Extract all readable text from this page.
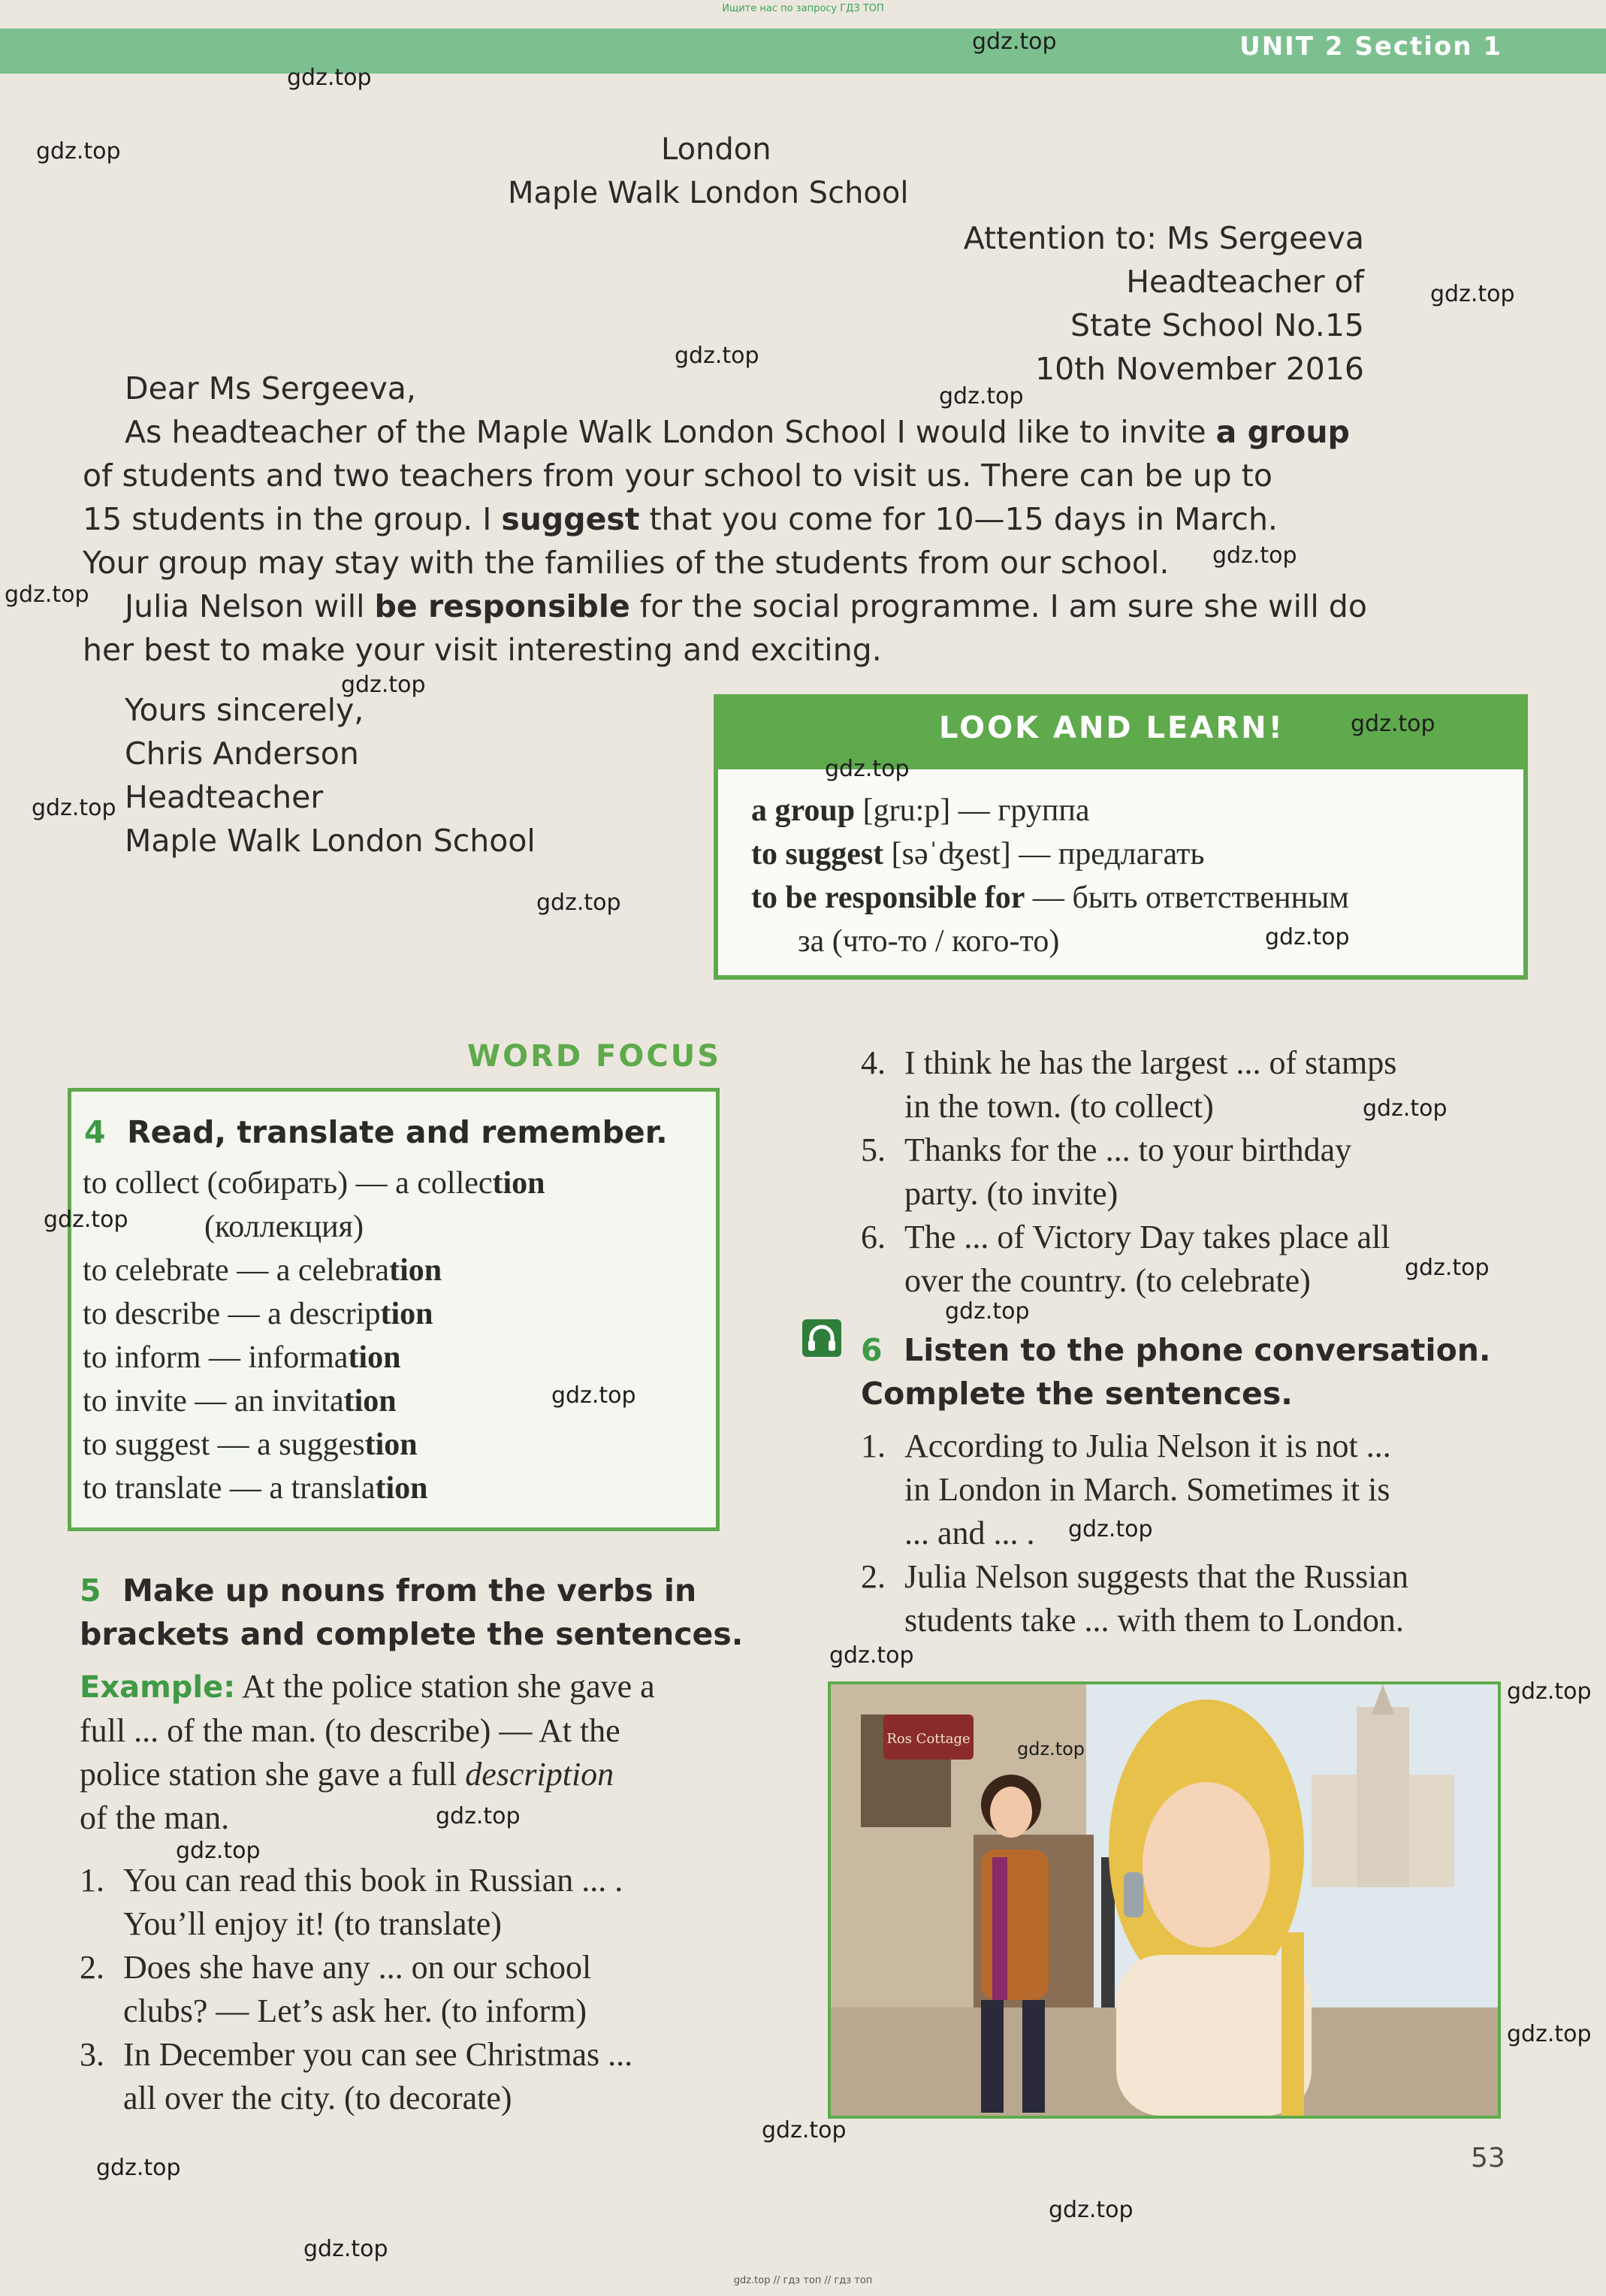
Ищите нас по запросу ГДЗ ТОП
UNIT 2 Section 1
London
Maple Walk London School
Attention to: Ms Sergeeva
Headteacher of
State School No.15
10th November 2016
Dear Ms Sergeeva,
As headteacher of the Maple Walk London School I would like to invite a group
of students and two teachers from your school to visit us. There can be up to
15 students in the group. I suggest that you come for 10—15 days in March.
Your group may stay with the families of the students from our school.
Julia Nelson will be responsible for the social programme. I am sure she will do
her best to make your visit interesting and exciting.
Yours sincerely,
Chris Anderson
Headteacher
Maple Walk London School
LOOK AND LEARN!
a group [gru:p] — группа
to suggest [səˈʤest] — предлагать
to be responsible for — быть ответственным
за (что-то / кого-то)
WORD FOCUS
4 Read, translate and remember.
to collect (собирать) — a collection
(коллекция)
to celebrate — a celebration
to describe — a description
to inform — information
to invite — an invitation
to suggest — a suggestion
to translate — a translation
5 Make up nouns from the verbs in
brackets and complete the sentences.
Example: At the police station she gave a
full ... of the man. (to describe) — At the
police station she gave a full description
of the man.
1. You can read this book in Russian ... .
You’ll enjoy it! (to translate)
2. Does she have any ... on our school
clubs? — Let’s ask her. (to inform)
3. In December you can see Christmas ...
all over the city. (to decorate)
4. I think he has the largest ... of stamps
in the town. (to collect)
5. Thanks for the ... to your birthday
party. (to invite)
6. The ... of Victory Day takes place all
over the country. (to celebrate)
6 Listen to the phone conversation.
Complete the sentences.
1. According to Julia Nelson it is not ...
in London in March. Sometimes it is
... and ... .
2. Julia Nelson suggests that the Russian
students take ... with them to London.
Ros Cottage
gdz.top
gdz.top
gdz.top
gdz.top
gdz.top
gdz.top
gdz.top
gdz.top
gdz.top
gdz.top
gdz.top
gdz.top
gdz.top
gdz.top
gdz.top
gdz.top
gdz.top
gdz.top
gdz.top
gdz.top
gdz.top
gdz.top
gdz.top
gdz.top
gdz.top
gdz.top
gdz.top
gdz.top
gdz.top
gdz.top
53
gdz.top // гдз топ // гдз топ
